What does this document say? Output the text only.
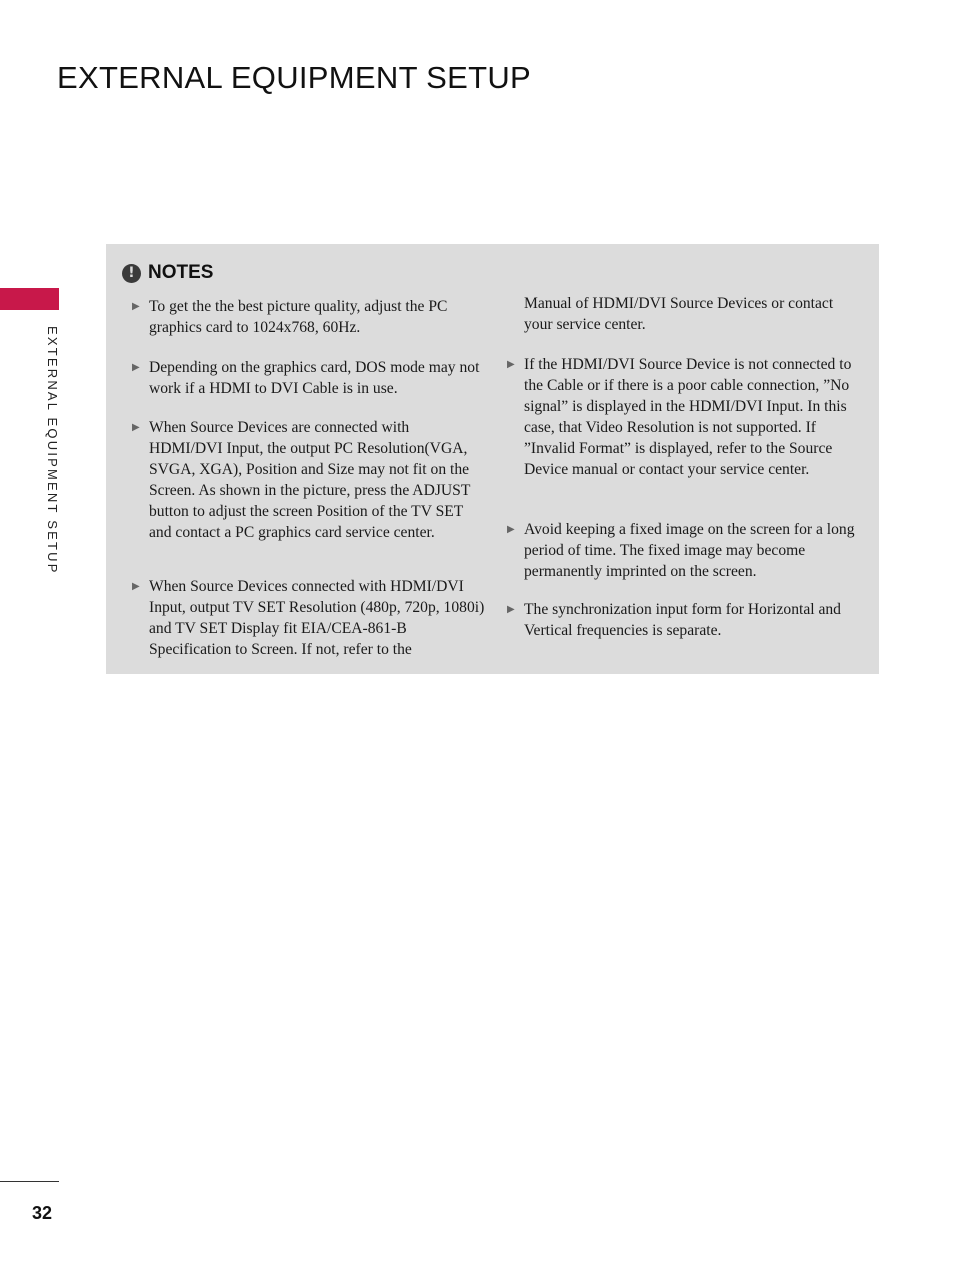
EXTERNAL EQUIPMENT SETUP
EXTERNAL EQUIPMENT SETUP
! NOTES
▶ To get the the best picture quality, adjust the PC graphics card to 1024x768, 60Hz.

▶ Depending on the graphics card, DOS mode may not work if a HDMI to DVI Cable is in use.

▶ When Source Devices are connected with HDMI/DVI Input, the output PC Resolution(VGA, SVGA, XGA), Position and Size may not fit on the Screen. As shown in the picture, press the ADJUST button to adjust the screen Position of the TV SET and contact a PC graphics card service center.

▶ When Source Devices connected with HDMI/DVI Input, output TV SET Resolution (480p, 720p, 1080i) and TV SET Display fit EIA/CEA-861-B Specification to Screen. If not, refer to the

Manual of HDMI/DVI Source Devices or contact your service center.

▶ If the HDMI/DVI Source Device is not connected to the Cable or if there is a poor cable connection, ”No signal” is displayed in the HDMI/DVI Input. In this case, that Video Resolution is not supported. If ”Invalid Format” is displayed, refer to the Source Device manual or contact your service center.

▶ Avoid keeping a fixed image on the screen for a long period of time. The fixed image may become permanently imprinted on the screen.

▶ The synchronization input form for Horizontal and Vertical frequencies is separate.

32
